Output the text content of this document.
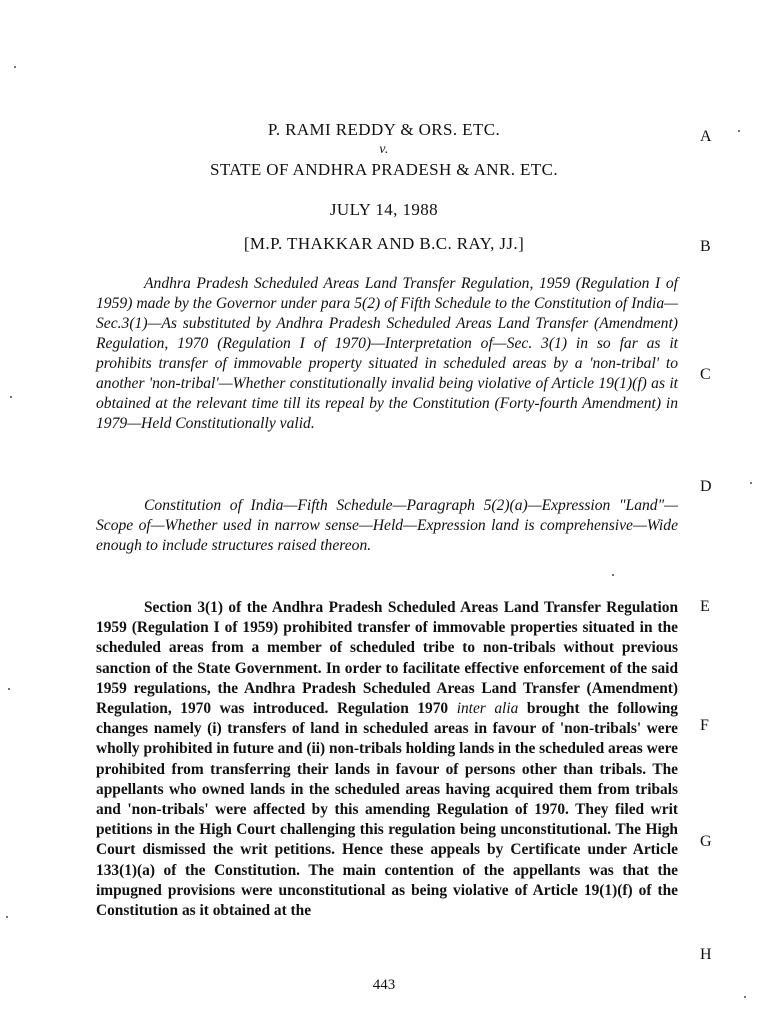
P. RAMI REDDY & ORS. ETC.
v.
STATE OF ANDHRA PRADESH & ANR. ETC.
JULY 14, 1988
[M.P. THAKKAR AND B.C. RAY, JJ.]
A
B
C
D
E
F
G
H
Andhra Pradesh Scheduled Areas Land Transfer Regulation, 1959 (Regulation I of 1959) made by the Governor under para 5(2) of Fifth Schedule to the Constitution of India—Sec.3(1)—As substituted by Andhra Pradesh Scheduled Areas Land Transfer (Amendment) Regulation, 1970 (Regulation I of 1970)—Interpretation of—Sec. 3(1) in so far as it prohibits transfer of immovable property situated in scheduled areas by a 'non-tribal' to another 'non-tribal'—Whether constitutionally invalid being violative of Article 19(1)(f) as it obtained at the relevant time till its repeal by the Constitution (Forty-fourth Amendment) in 1979—Held Constitutionally valid.
Constitution of India—Fifth Schedule—Paragraph 5(2)(a)—Expression "Land"—Scope of—Whether used in narrow sense—Held—Expression land is comprehensive—Wide enough to include structures raised thereon.
Section 3(1) of the Andhra Pradesh Scheduled Areas Land Transfer Regulation 1959 (Regulation I of 1959) prohibited transfer of immovable properties situated in the scheduled areas from a member of scheduled tribe to non-tribals without previous sanction of the State Government. In order to facilitate effective enforcement of the said 1959 regulations, the Andhra Pradesh Scheduled Areas Land Transfer (Amendment) Regulation, 1970 was introduced. Regulation 1970 inter alia brought the following changes namely (i) transfers of land in scheduled areas in favour of 'non-tribals' were wholly prohibited in future and (ii) non-tribals holding lands in the scheduled areas were prohibited from transferring their lands in favour of persons other than tribals. The appellants who owned lands in the scheduled areas having acquired them from tribals and 'non-tribals' were affected by this amending Regulation of 1970. They filed writ petitions in the High Court challenging this regulation being unconstitutional. The High Court dismissed the writ petitions. Hence these appeals by Certificate under Article 133(1)(a) of the Constitution. The main contention of the appellants was that the impugned provisions were unconstitutional as being violative of Article 19(1)(f) of the Constitution as it obtained at the
443
